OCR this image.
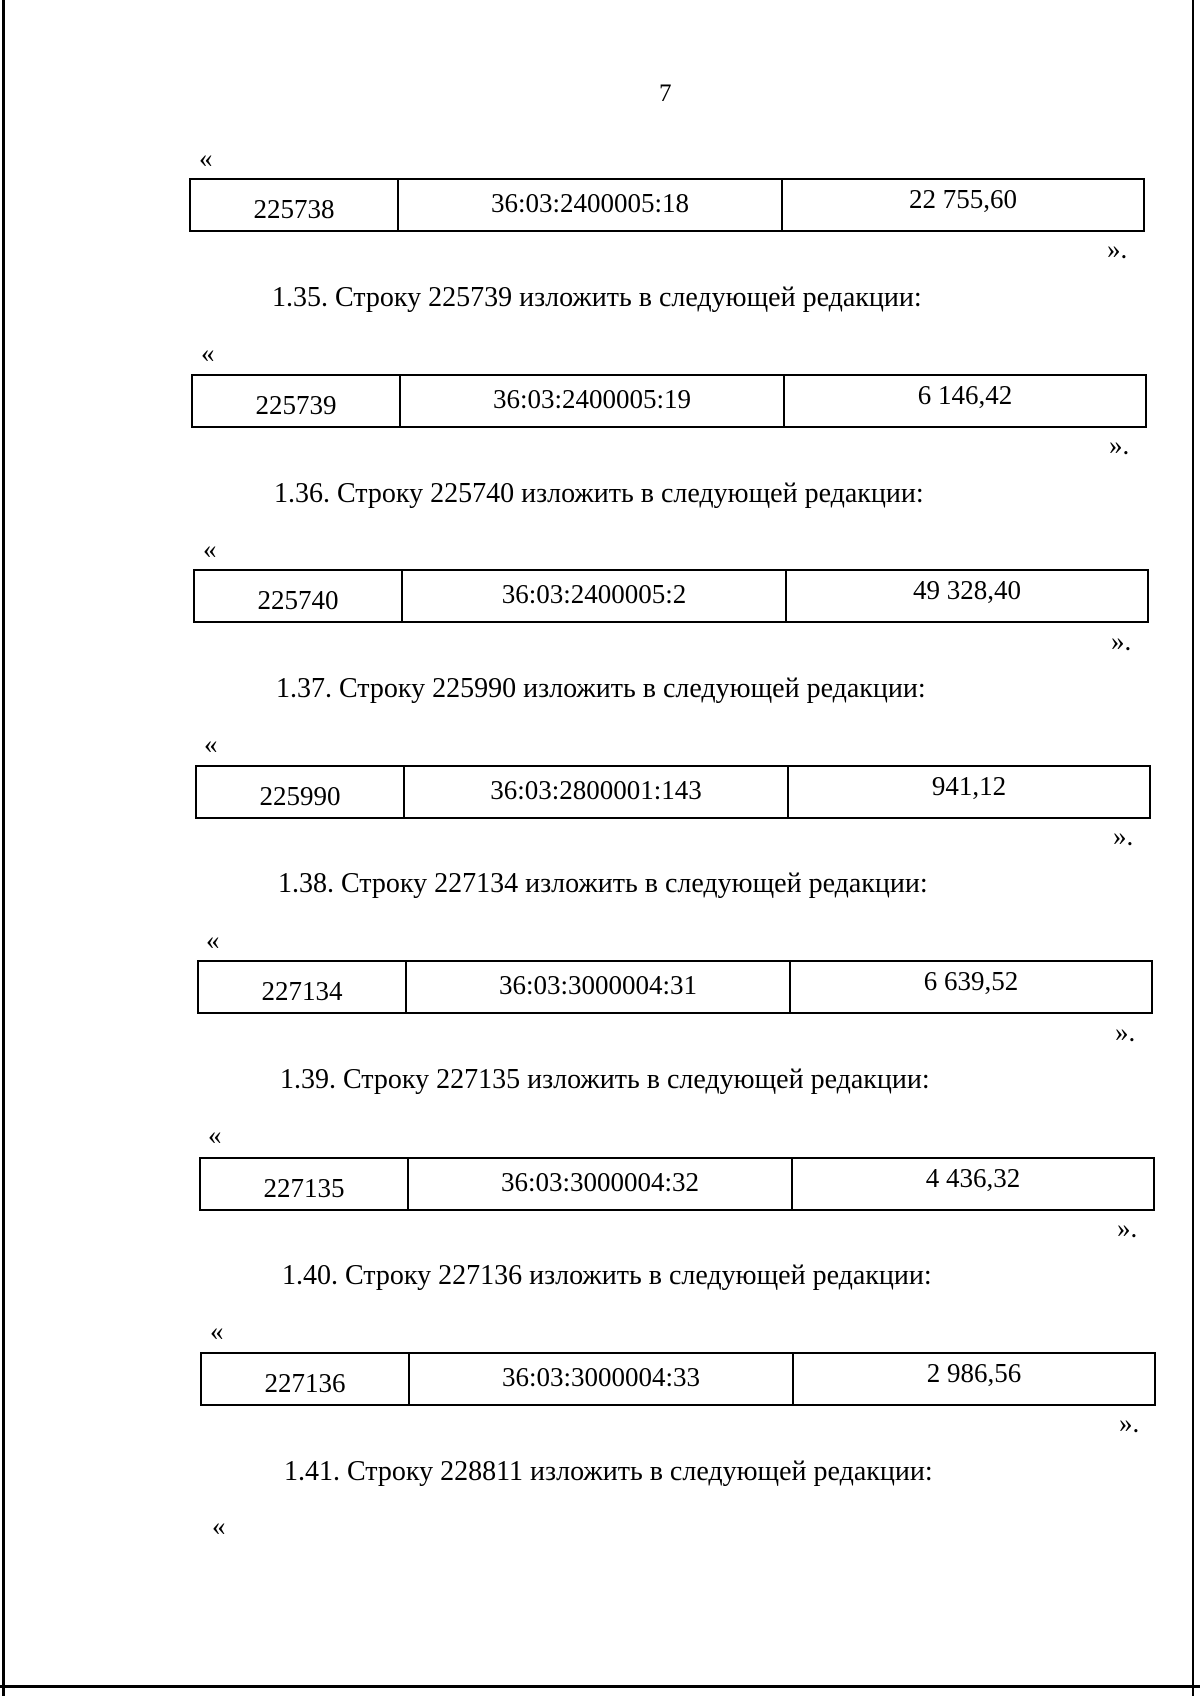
7
«
225738	36:03:2400005:18	22 755,60
».
1.35. Строку 225739 изложить в следующей редакции:
«
225739	36:03:2400005:19	6 146,42
».
1.36. Строку 225740 изложить в следующей редакции:
«
225740	36:03:2400005:2	49 328,40
».
1.37. Строку 225990 изложить в следующей редакции:
«
225990	36:03:2800001:143	941,12
».
1.38. Строку 227134 изложить в следующей редакции:
«
227134	36:03:3000004:31	6 639,52
».
1.39. Строку 227135 изложить в следующей редакции:
«
227135	36:03:3000004:32	4 436,32
».
1.40. Строку 227136 изложить в следующей редакции:
«
227136	36:03:3000004:33	2 986,56
».
1.41. Строку 228811 изложить в следующей редакции:
«
